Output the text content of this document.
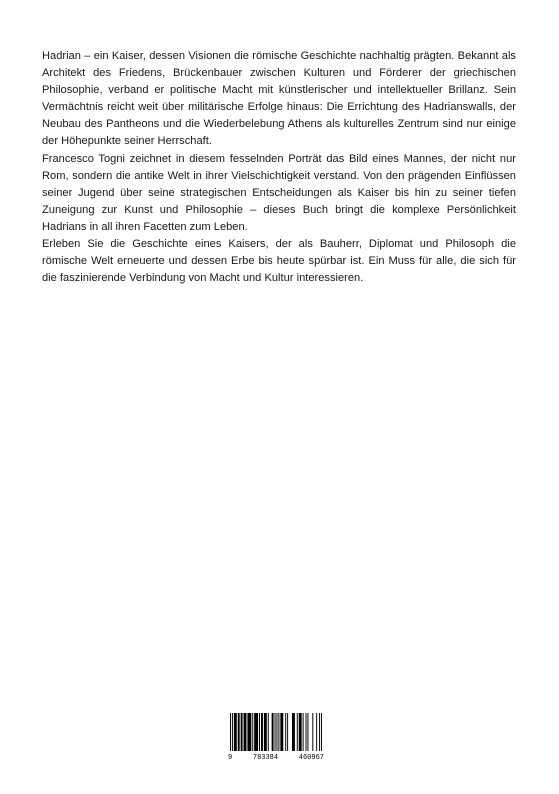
Hadrian – ein Kaiser, dessen Visionen die römische Geschichte nachhaltig prägten. Bekannt als Architekt des Friedens, Brückenbauer zwischen Kulturen und Förderer der griechischen Philosophie, verband er politische Macht mit künstlerischer und intellektueller Brillanz. Sein Vermächtnis reicht weit über militärische Erfolge hinaus: Die Errichtung des Hadrianswalls, der Neubau des Pantheons und die Wiederbelebung Athens als kulturelles Zentrum sind nur einige der Höhepunkte seiner Herrschaft.

Francesco Togni zeichnet in diesem fesselnden Porträt das Bild eines Mannes, der nicht nur Rom, sondern die antike Welt in ihrer Vielschichtigkeit verstand. Von den prägenden Einflüssen seiner Jugend über seine strategischen Entscheidungen als Kaiser bis hin zu seiner tiefen Zuneigung zur Kunst und Philosophie – dieses Buch bringt die komplexe Persönlichkeit Hadrians in all ihren Facetten zum Leben.

Erleben Sie die Geschichte eines Kaisers, der als Bauherr, Diplomat und Philosoph die römische Welt erneuerte und dessen Erbe bis heute spürbar ist. Ein Muss für alle, die sich für die faszinierende Verbindung von Macht und Kultur interessieren.

9	783384	460967
